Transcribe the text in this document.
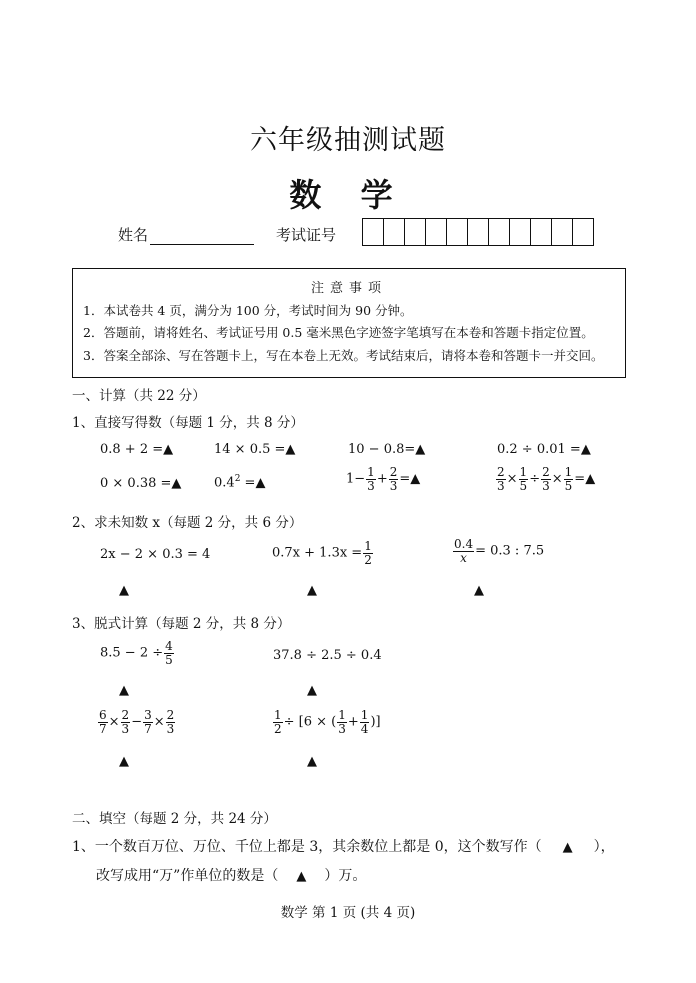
六年级抽测试题
数 学
姓名	考试证号
注意事项
1．本试卷共 4 页，满分为 100 分，考试时间为 90 分钟。
2．答题前，请将姓名、考试证号用 0.5 毫米黑色字迹签字笔填写在本卷和答题卡指定位置。
3．答案全部涂、写在答题卡上，写在本卷上无效。考试结束后，请将本卷和答题卡一并交回。
一、计算（共 22 分）
1、直接写得数（每题 1 分，共 8 分）
0.8 + 2 =▲	14 × 0.5 =▲	10 − 0.8=▲	0.2 ÷ 0.01 =▲
0 × 0.38 =▲	$0.4^2$ =▲	$1- \frac{1}{3} + \frac{2}{3}$ =▲	$\frac{2}{3} \times \frac{1}{5} \div \frac{2}{3} \times \frac{1}{5}$ =▲
2、求未知数 x（每题 2 分，共 6 分）
2x − 2 × 0.3 = 4	$0.7x + 1.3x = \frac{1}{2}$	$\frac{0.4}{x} = 0.3$ : 7.5
▲	▲	▲
3、脱式计算（每题 2 分，共 8 分）
$8.5 - 2 \div \frac{4}{5}$	37.8 ÷ 2.5 ÷ 0.4
▲	▲
$\frac{6}{7} \times \frac{2}{3} - \frac{3}{7} \times \frac{2}{3}$	$\frac{1}{2} \div [6$ × ( $\frac{1}{3} + \frac{1}{4}$ )]
▲	▲
二、填空（每题 2 分，共 24 分）
1、一个数百万位、万位、千位上都是 3，其余数位上都是 0，这个数写作（ ▲ ），
改写成用“万”作单位的数是（ ▲ ）万。
数学 第 1 页 (共 4 页)
